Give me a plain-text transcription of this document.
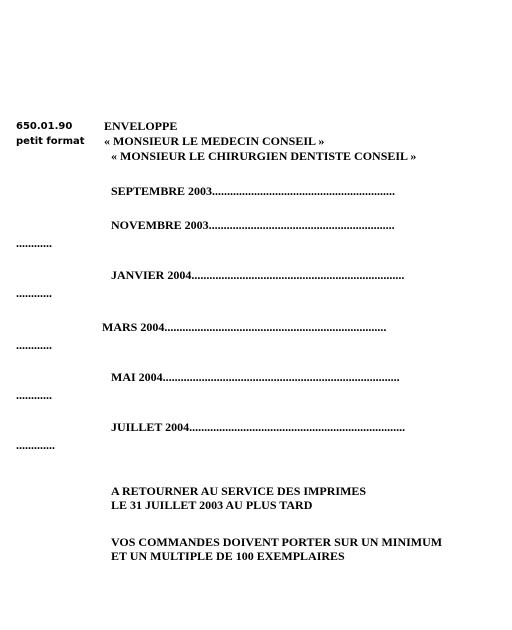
650.01.90
petit format
ENVELOPPE
« MONSIEUR LE MEDECIN CONSEIL »
« MONSIEUR LE CHIRURGIEN DENTISTE CONSEIL »
SEPTEMBRE 2003.............................................................
NOVEMBRE 2003..............................................................
............
JANVIER 2004.......................................................................
............
MARS 2004..........................................................................
............
MAI 2004...............................................................................
............
JUILLET 2004........................................................................
.............
A RETOURNER AU SERVICE DES IMPRIMES
LE 31 JUILLET 2003 AU PLUS TARD
VOS COMMANDES DOIVENT PORTER SUR UN MINIMUM
ET UN MULTIPLE DE 100 EXEMPLAIRES
